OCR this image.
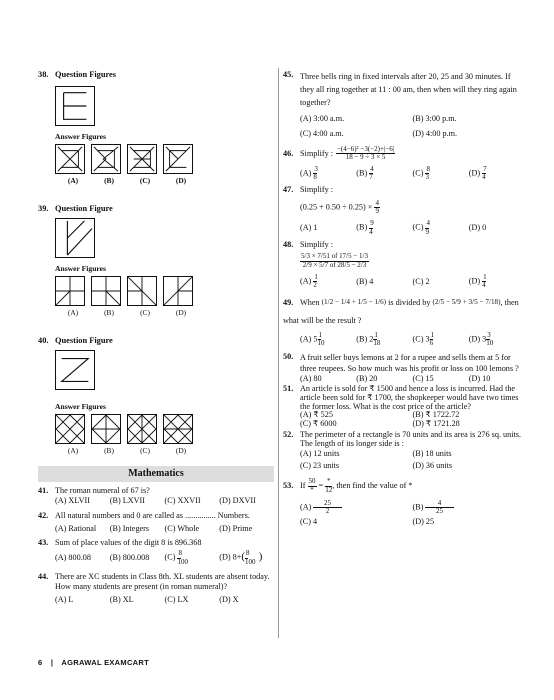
38. Question Figures
Answer Figures
(A)	(B)	(C)	(D)
39. Question Figure
Answer Figures
(A)	(B)	(C)	(D)
40. Question Figure
Answer Figures
(A)	(B)	(C)	(D)
Mathematics
41. The roman numeral of 67 is?
(A) XLVII	(B) LXVII	(C) XXVII	(D) DXVII
42. All natural numbers and 0 are called as ............... Numbers.
(A) Rational	(B) Integers	(C) Whole	(D) Prime
43. Sum of place values of the digit 8 is 896.368
(A) 800.08	(B) 800.008	$(C) \frac{8}{100}$	(D) $8+( \frac{8}{100}$ )
44. There are XC students in Class 8th. XL students are absent today. How many students are present (in roman numeral)?
(A) L	(B) XL	(C) LX	(D) X
45. Three bells ring in fixed intervals after 20, 25 and 30 minutes. If they all ring together at 11 : 00 am, then when will they ring again together?
(A) 3:00 a.m.	(B) 3:00 p.m.
(C) 4:00 a.m.	(D) 4:00 p.m.
46. Simplify : $\frac{\text{−(4−6)² −3(−2)+|−6|}}{18 - 9 \div 3 \times 5}$
$(A) \frac{3}{8}$	$(B) \frac{4}{7}$	$(C) \frac{8}{3}$	$(D) \frac{7}{4}$
47. Simplify :
$(0.25 + 0.50 \div 0.25) \times \frac{4}{9}$
(A) 1	$(B) \frac{9}{4}$	$(C) \frac{4}{9}$	(D) 0
48. Simplify :
$\frac{5/3 \times 7/51 of 17/5 - 1/3}{2/9 \times 5/7 of 28/5 - 2/3}$
$(A) \frac{1}{2}$	(B) 4	(C) 2	$(D) \frac{1}{4}$
49. When
(1/2 − 1/4 + 1/5 − 1/6)
is divided by
(2/5 − 5/9 + 3/5 − 7/18) , then
what will be the result ?
(A) $5 \frac{1}{10}$	(B) $2 \frac{1}{18}$	(C) $3 \frac{1}{6}$	(D) $3 \frac{3}{10}$
50. A fruit seller buys lemons at 2 for a rupee and sells them at 5 for three reupees. So how much was his profit or loss on 100 lemons ?
(A) 80	(B) 20	(C) 15	(D) 10
51. An article is sold for ₹ 1500 and hence a loss is incurred. Had the article been sold for ₹ 1700, the shopkeeper would have two times the former loss. What is the cost price of the article?
(A) ₹ 525	(B) ₹ 1722.72
(C) ₹ 6000	(D) ₹ 1721.28
52. The perimeter of a rectangle is 70 units and its area is 276 sq. units. The length of its longer side is :
(A) 12 units	(B) 18 units
(C) 23 units	(D) 36 units
53. If
$\frac{50}{*}$
=
$\frac{*}{12}$ , then find the value of *
$(A) \frac{25}{2}$	$(B) \frac{4}{25}$
(C) 4	(D) 25
6 | AGRAWAL EXAMCART
